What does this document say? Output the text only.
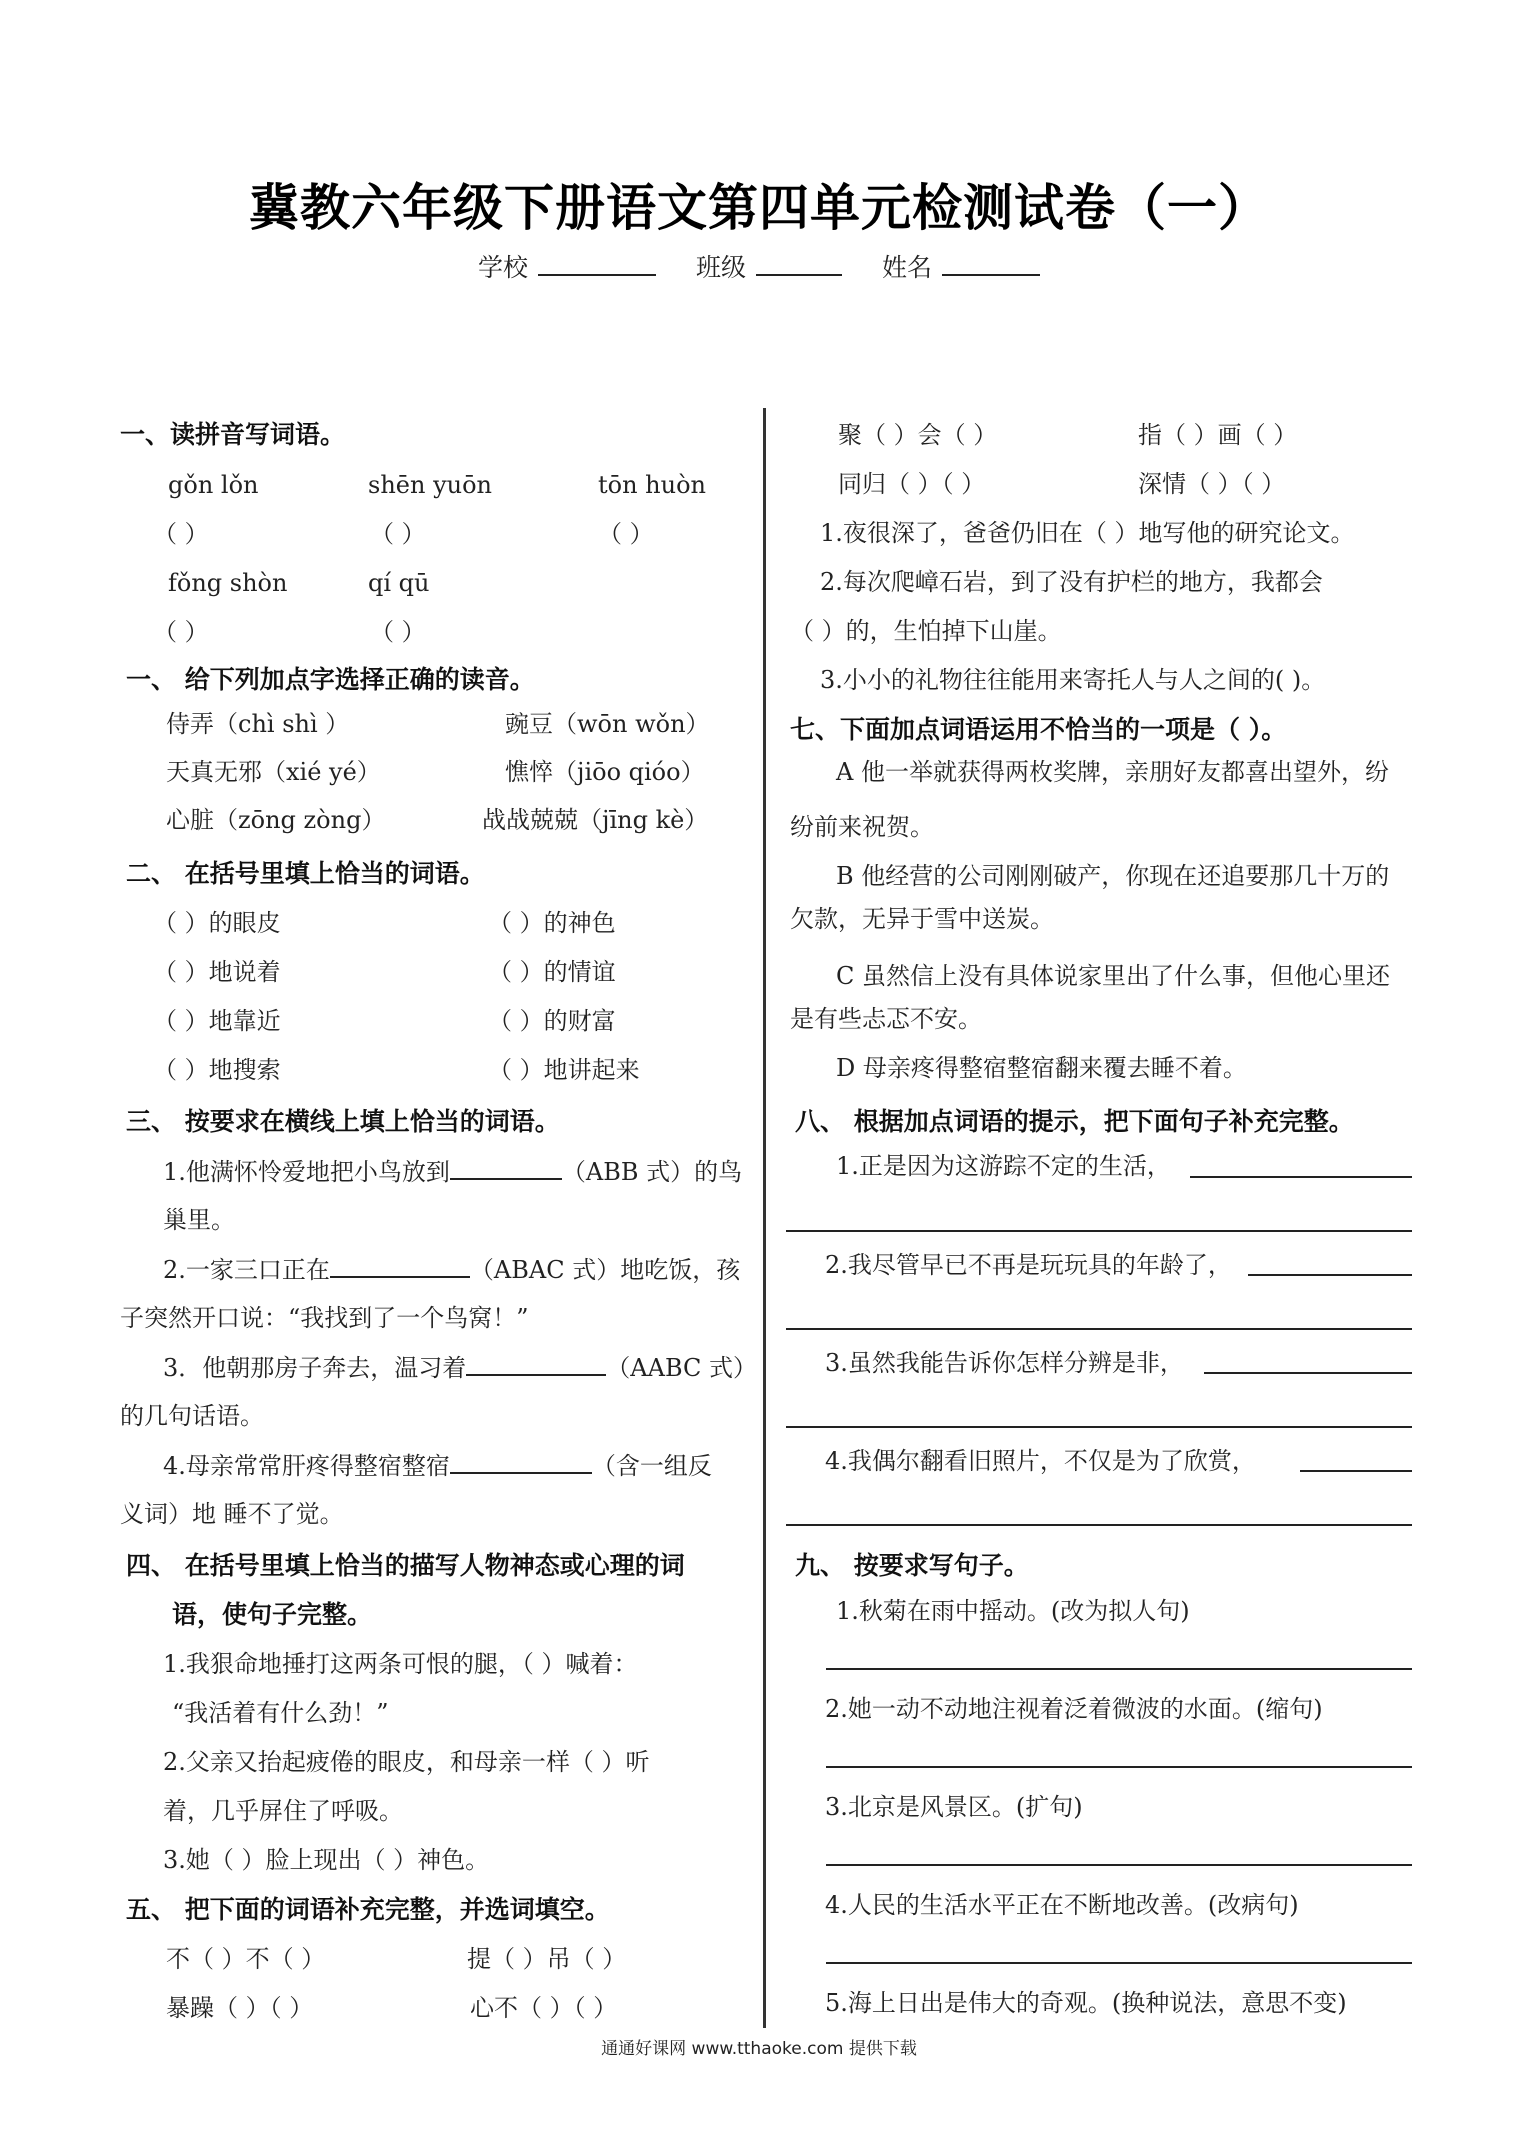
冀教六年级下册语文第四单元检测试卷（一）
学校	班级	姓名
一、读拼音写词语。
gǒn lǒn	shēn yuōn	tōn huòn
（ ）	（ ）	（ ）
fǒng shòn	qí qū
（ ）	（ ）
一、 给下列加点字选择正确的读音。
侍弄（chì shì ）	豌豆（wōn wǒn）
天真无邪（xié yé）	憔悴（jiōo qióo）
心脏（zōng zòng）	战战兢兢（jīng kè）
二、 在括号里填上恰当的词语。
（ ）的眼皮	（ ）的神色
（ ）地说着	（ ）的情谊
（ ）地靠近	（ ）的财富
（ ）地搜索	（ ）地讲起来
三、 按要求在横线上填上恰当的词语。
1.他满怀怜爱地把小鸟放到	（ABB 式）的鸟
巢里。
2.一家三口正在	（ABAC 式）地吃饭，孩
子突然开口说：“我找到了一个鸟窝！”
3．他朝那房子奔去，温习着	（AABC 式）
的几句话语。
4.母亲常常肝疼得整宿整宿	（含一组反
义词）地 睡不了觉。
四、 在括号里填上恰当的描写人物神态或心理的词
语，使句子完整。
1.我狠命地捶打这两条可恨的腿，（ ）喊着：
“我活着有什么劲！”
2.父亲又抬起疲倦的眼皮，和母亲一样（ ）听
着，几乎屏住了呼吸。
3.她（ ）脸上现出（ ）神色。
五、 把下面的词语补充完整，并选词填空。
不（ ）不（ ）	提（ ）吊（ ）
暴躁（ ）（ ）	心不（ ）（ ）
聚（ ）会（ ）	指（ ）画（ ）
同归（ ）（ ）	深情（ ）（ ）
1.夜很深了，爸爸仍旧在（ ）地写他的研究论文。
2.每次爬嶂石岩，到了没有护栏的地方，我都会
（ ）的，生怕掉下山崖。
3.小小的礼物往往能用来寄托人与人之间的( )。
七、下面加点词语运用不恰当的一项是（ ）。
A 他一举就获得两枚奖牌，亲朋好友都喜出望外，纷
纷前来祝贺。
B 他经营的公司刚刚破产，你现在还追要那几十万的
欠款，无异于雪中送炭。
C 虽然信上没有具体说家里出了什么事，但他心里还
是有些忐忑不安。
D 母亲疼得整宿整宿翻来覆去睡不着。
八、 根据加点词语的提示，把下面句子补充完整。
1.正是因为这游踪不定的生活，
2.我尽管早已不再是玩玩具的年龄了，
3.虽然我能告诉你怎样分辨是非，
4.我偶尔翻看旧照片，不仅是为了欣赏，
九、 按要求写句子。
1.秋菊在雨中摇动。(改为拟人句)
2.她一动不动地注视着泛着微波的水面。(缩句)
3.北京是风景区。(扩句)
4.人民的生活水平正在不断地改善。(改病句)
5.海上日出是伟大的奇观。(换种说法，意思不变)
通通好课网 www.tthaoke.com 提供下载
